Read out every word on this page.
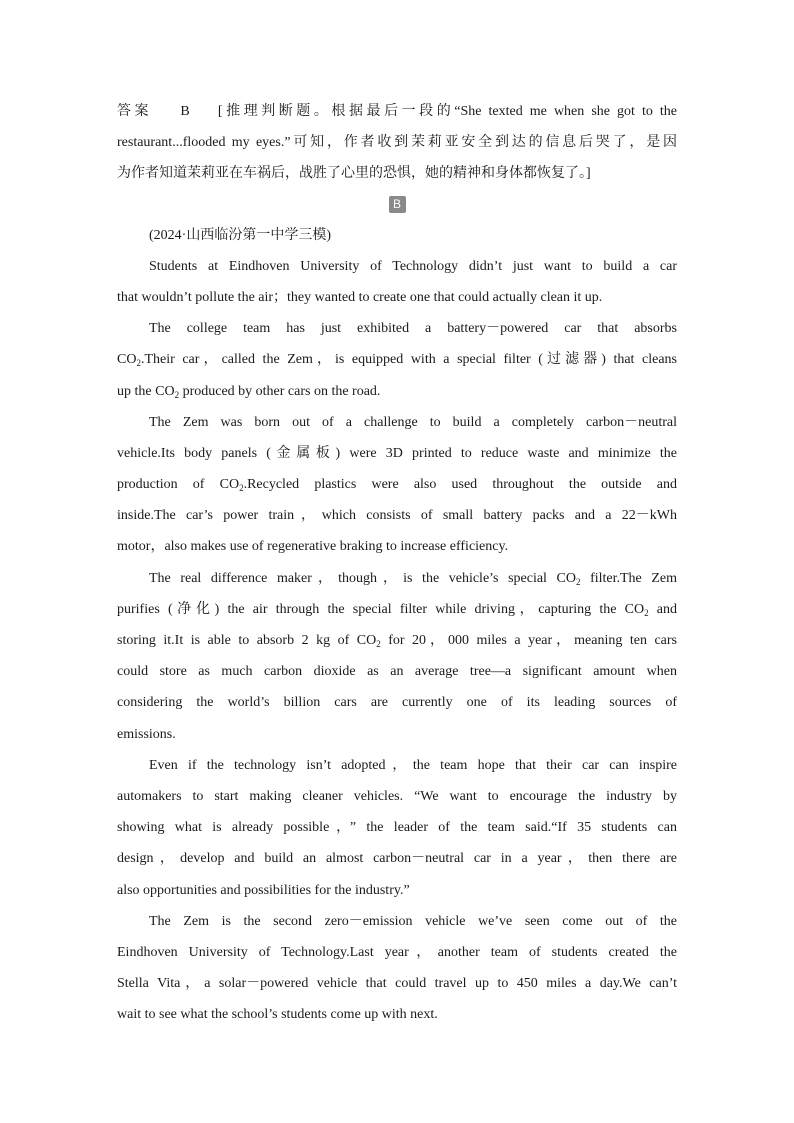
答案 B [推理判断题。根据最后一段的“She texted me when she got to the
restaurant...flooded my eyes.”可知，作者收到茉莉亚安全到达的信息后哭了，是因
为作者知道茉莉亚在车祸后，战胜了心里的恐惧，她的精神和身体都恢复了。]
B
(2024·山西临汾第一中学三模)
Students at Eindhoven University of Technology didn’t just want to build a car
that wouldn’t pollute the air；they wanted to create one that could actually clean it up.
The college team has just exhibited a battery－powered car that absorbs
$CO_2.Their$ car，called the Zem，is equipped with a special filter (过滤器) that cleans
up the $CO_2$ produced by other cars on the road.
The Zem was born out of a challenge to build a completely carbon－neutral
vehicle.Its body panels (金属板) were 3D printed to reduce waste and minimize the
production of $CO_2.Recycled$ plastics were also used throughout the outside and
inside.The car’s power train，which consists of small battery packs and a 22－kWh
motor，also makes use of regenerative braking to increase efficiency.
The real difference maker，though，is the vehicle’s special $CO_2$ filter.The Zem
purifies (净化) the air through the special filter while driving，capturing the $CO_2$ and
storing it.It is able to absorb 2 kg of $CO_2$ for 20，000 miles a year，meaning ten cars
could store as much carbon dioxide as an average tree—a significant amount when
considering the world’s billion cars are currently one of its leading sources of
emissions.
Even if the technology isn’t adopted，the team hope that their car can inspire
automakers to start making cleaner vehicles. “We want to encourage the industry by
showing what is already possible，” the leader of the team said.“If 35 students can
design，develop and build an almost carbon－neutral car in a year，then there are
also opportunities and possibilities for the industry.”
The Zem is the second zero－emission vehicle we’ve seen come out of the
Eindhoven University of Technology.Last year，another team of students created the
Stella Vita，a solar－powered vehicle that could travel up to 450 miles a day.We can’t
wait to see what the school’s students come up with next.
